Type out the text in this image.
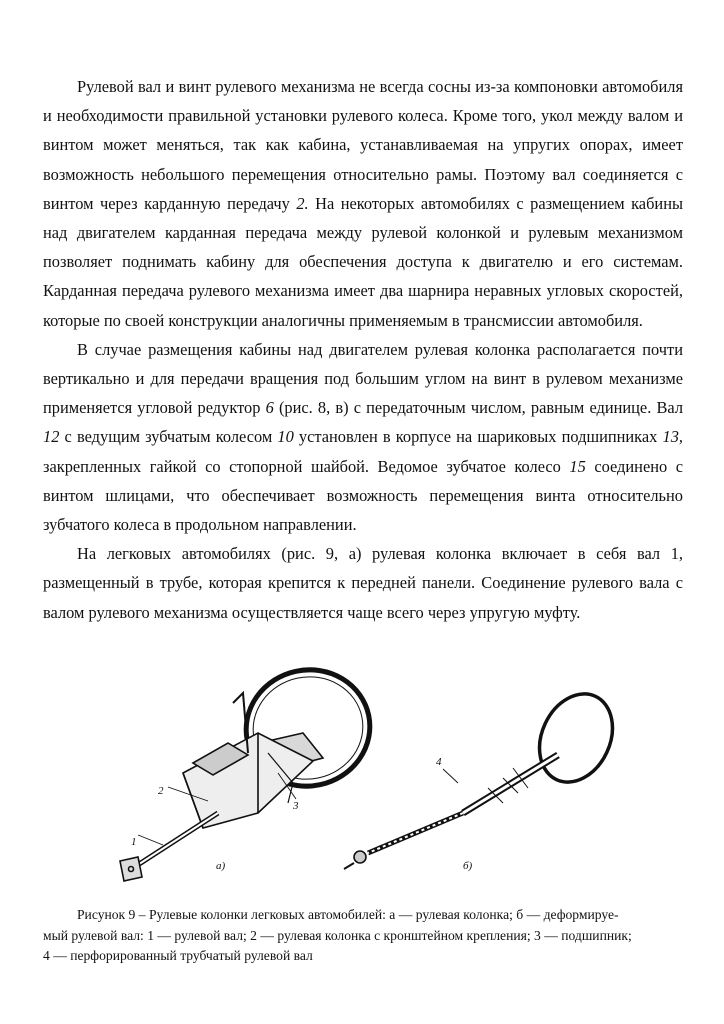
Рулевой вал и винт рулевого механизма не всегда сосны из-за компоновки автомобиля и необходимости правильной установки рулевого колеса. Кроме того, укол между валом и винтом может меняться, так как кабина, устанавливаемая на упругих опорах, имеет возможность небольшого перемещения относительно рамы. Поэтому вал соединяется с винтом через карданную передачу 2. На некоторых автомобилях с размещением кабины над двигателем карданная передача между рулевой колонкой и рулевым механизмом позволяет поднимать кабину для обеспечения доступа к двигателю и его системам. Карданная передача рулевого механизма имеет два шарнира неравных угловых скоростей, которые по своей конструкции аналогичны применяемым в трансмиссии автомобиля.

В случае размещения кабины над двигателем рулевая колонка располагается почти вертикально и для передачи вращения под большим углом на винт в рулевом механизме применяется угловой редуктор 6 (рис. 8, в) с передаточным числом, равным единице. Вал 12 с ведущим зубчатым колесом 10 установлен в корпусе на шариковых подшипниках 13, закрепленных гайкой со стопорной шайбой. Ведомое зубчатое колесо 15 соединено с винтом шлицами, что обеспечивает возможность перемещения винта относительно зубчатого колеса в продольном направлении.

На легковых автомобилях (рис. 9, а) рулевая колонка включает в себя вал 1, размещенный в трубе, которая крепится к передней панели. Соединение рулевого вала с валом рулевого механизма осуществляется чаще всего через упругую муфту.

2
1
3
4
а)	б)

Рисунок 9 – Рулевые колонки легковых автомобилей: а — рулевая колонка; б — деформируе-

мый рулевой вал: 1 — рулевой вал; 2 — рулевая колонка с кронштейном крепления; 3 — подшипник;

4 — перфорированный трубчатый рулевой вал
